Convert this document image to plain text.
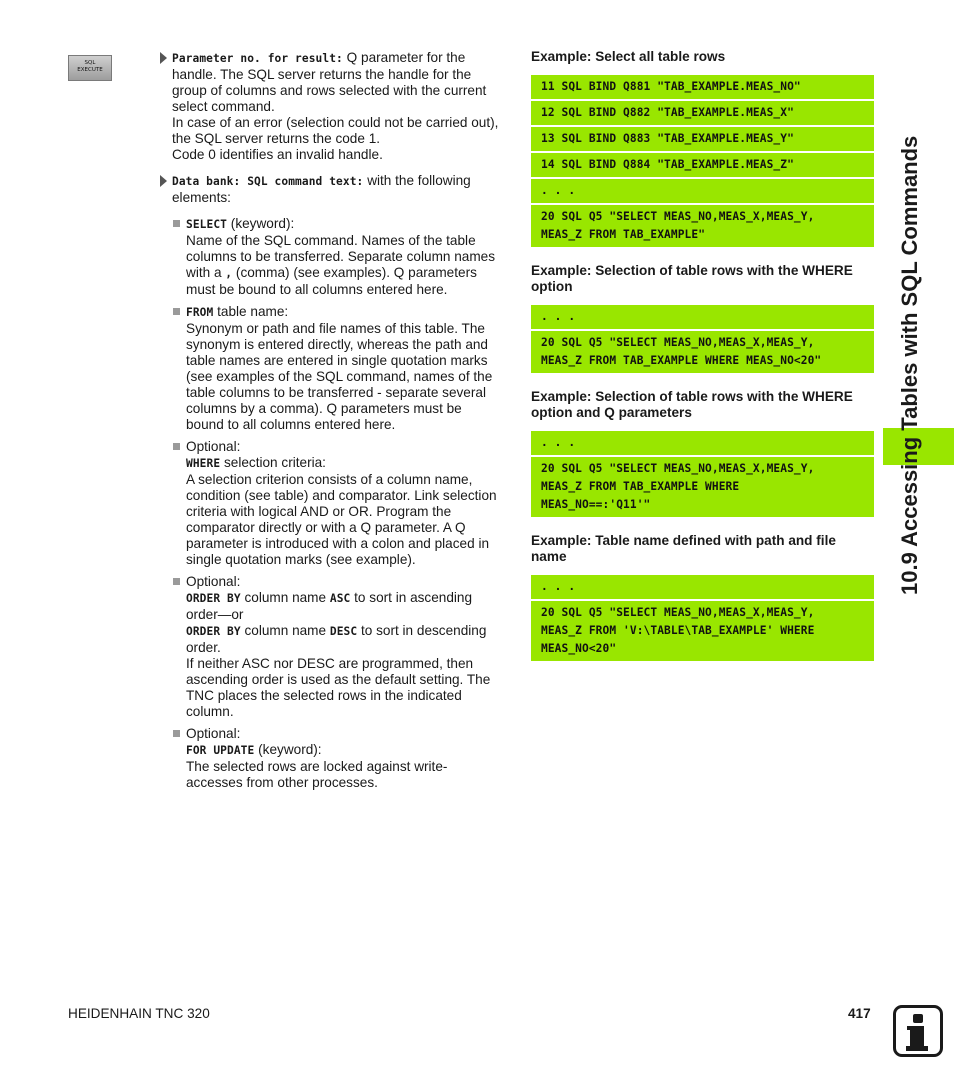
SQL
EXECUTE
Parameter no. for result: Q parameter for the
handle. The SQL server returns the handle for the
group of columns and rows selected with the current
select command.
In case of an error (selection could not be carried out),
the SQL server returns the code 1.
Code 0 identifies an invalid handle.
Data bank: SQL command text: with the following
elements:
SELECT (keyword):
Name of the SQL command. Names of the table
columns to be transferred. Separate column names
with a , (comma) (see examples). Q parameters
must be bound to all columns entered here.
FROM table name:
Synonym or path and file names of this table. The
synonym is entered directly, whereas the path and
table names are entered in single quotation marks
(see examples of the SQL command, names of the
table columns to be transferred - separate several
columns by a comma). Q parameters must be
bound to all columns entered here.
Optional:
WHERE selection criteria:
A selection criterion consists of a column name,
condition (see table) and comparator. Link selection
criteria with logical AND or OR. Program the
comparator directly or with a Q parameter. A Q
parameter is introduced with a colon and placed in
single quotation marks (see example).
Optional:
ORDER BY column name ASC to sort in ascending
order—or
ORDER BY column name DESC to sort in descending
order.
If neither ASC nor DESC are programmed, then
ascending order is used as the default setting. The
TNC places the selected rows in the indicated
column.
Optional:
FOR UPDATE (keyword):
The selected rows are locked against write-
accesses from other processes.
Example: Select all table rows
11 SQL BIND Q881 "TAB_EXAMPLE.MEAS_NO"
12 SQL BIND Q882 "TAB_EXAMPLE.MEAS_X"
13 SQL BIND Q883 "TAB_EXAMPLE.MEAS_Y"
14 SQL BIND Q884 "TAB_EXAMPLE.MEAS_Z"
. . .
20 SQL Q5 "SELECT MEAS_NO,MEAS_X,MEAS_Y,
MEAS_Z FROM TAB_EXAMPLE"
Example: Selection of table rows with the WHERE option
. . .
20 SQL Q5 "SELECT MEAS_NO,MEAS_X,MEAS_Y,
MEAS_Z FROM TAB_EXAMPLE WHERE MEAS_NO<20"
Example: Selection of table rows with the WHERE option and Q parameters
. . .
20 SQL Q5 "SELECT MEAS_NO,MEAS_X,MEAS_Y,
MEAS_Z FROM TAB_EXAMPLE WHERE
MEAS_NO==:'Q11'"
Example: Table name defined with path and file name
. . .
20 SQL Q5 "SELECT MEAS_NO,MEAS_X,MEAS_Y,
MEAS_Z FROM 'V:\TABLE\TAB_EXAMPLE' WHERE
MEAS_NO<20"
10.9 Accessing Tables with SQL Commands
HEIDENHAIN TNC 320	417
